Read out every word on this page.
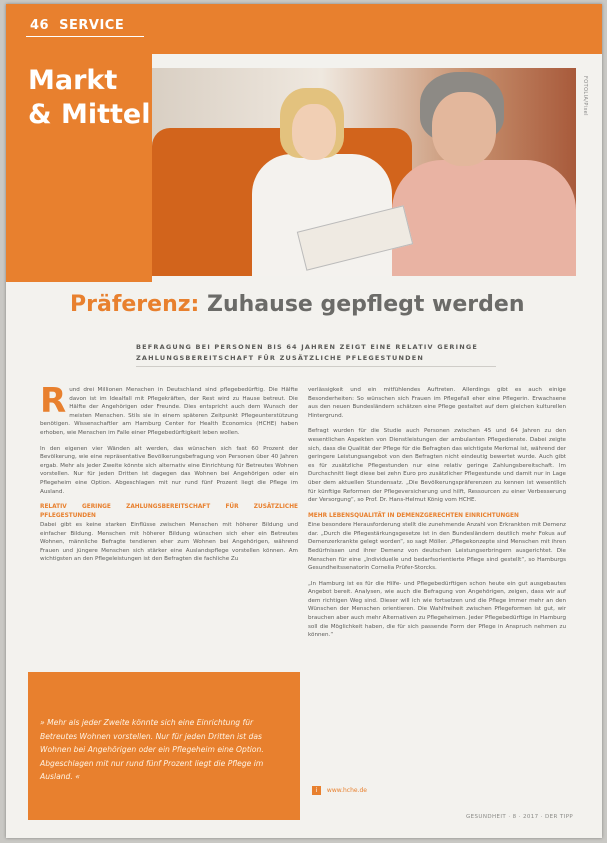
46 SERVICE
Markt
& Mittel	FOTOLIA/Pixel
Präferenz: Zuhause gepflegt werden
BEFRAGUNG BEI PERSONEN BIS 64 JAHREN ZEIGT EINE RELATIV GERINGE ZAHLUNGSBEREITSCHAFT FÜR ZUSÄTZLICHE PFLEGESTUNDEN

Rund drei Millionen Menschen in Deutschland sind pflegebedürftig. Die Hälfte davon ist im Idealfall mit Pflegekräften, der Rest wird zu Hause betreut. Die Hälfte der Angehörigen oder Freunde. Dies entspricht auch dem Wunsch der meisten Menschen. Stils sie in einem späteren Zeitpunkt Pflegeunterstützung benötigen. Wissenschaftler am Hamburg Center for Health Economics (HCHE) haben erhoben, wie Menschen im Falle einer Pflegebedürftigkeit leben wollen.

In den eigenen vier Wänden alt werden, das wünschen sich fast 60 Prozent der Bevölkerung, wie eine repräsentative Bevölkerungsbefragung von Personen über 40 Jahren ergab. Mehr als jeder Zweite könnte sich alternativ eine Einrichtung für Betreutes Wohnen vorstellen. Nur für jeden Dritten ist dagegen das Wohnen bei Angehörigen oder ein Pflegeheim eine Option. Abgeschlagen mit nur rund fünf Prozent liegt die Pflege im Ausland.

RELATIV GERINGE ZAHLUNGSBEREITSCHAFT FÜR ZUSÄTZLICHE PFLEGESTUNDEN

Dabei gibt es keine starken Einflüsse zwischen Menschen mit höherer Bildung und einfacher Bildung. Menschen mit höherer Bildung wünschen sich eher ein Betreutes Wohnen, männliche Befragte tendieren eher zum Wohnen bei Angehörigen, während Frauen und jüngere Menschen sich stärker eine Auslandspflege vorstellen können. Am wichtigsten an den Pflegeleistungen ist den Befragten die fachliche Zu

verlässigkeit und ein mitfühlendes Auftreten. Allerdings gibt es auch einige Besonderheiten: So wünschen sich Frauen im Pflegefall eher eine Pflegerin. Erwachsene aus den neuen Bundesländern schätzen eine Pflege gestaltet auf dem gleichen kulturellen Hintergrund.

Befragt wurden für die Studie auch Personen zwischen 45 und 64 Jahren zu den wesentlichen Aspekten von Dienstleistungen der ambulanten Pflegedienste. Dabei zeigte sich, dass die Qualität der Pflege für die Befragten das wichtigste Merkmal ist, während der geringere Leistungsangebot von den Befragten nicht eindeutig bewertet wurde. Auch gibt es für zusätzliche Pflegestunden nur eine relativ geringe Zahlungsbereitschaft. Im Durchschnitt liegt diese bei zehn Euro pro zusätzlicher Pflegestunde und damit nur in Lage über dem aktuellen Stundensatz. „Die Bevölkerungspräferenzen zu kennen ist wesentlich für künftige Reformen der Pflegeversicherung und hilft, Ressourcen zu einer Verbesserung der Versorgung“, so Prof. Dr. Hans-Helmut König vom HCHE.

MEHR LEBENSQUALITÄT IN DEMENZGERECHTEN EINRICHTUNGEN

Eine besondere Herausforderung stellt die zunehmende Anzahl von Erkrankten mit Demenz dar. „Durch die Pflegestärkungsgesetze ist in den Bundesländern deutlich mehr Fokus auf Demenzerkrankte gelegt worden“, so sagt Möller. „Pflegekonzepte sind Menschen mit ihren Bedürfnissen und ihrer Demenz von deutschen Leistungserbringern ausgerichtet. Die Menschen für eine „Individuelle und bedarfsorientierte Pflege sind gestellt“, so Hamburgs Gesundheitssenatorin Cornelia Prüfer-Storcks.

„In Hamburg ist es für die Hilfe- und Pflegebedürftigen schon heute ein gut ausgebautes Angebot bereit. Analysen, wie auch die Befragung von Angehörigen, zeigen, dass wir auf dem richtigen Weg sind. Dieser will ich wie fortsetzen und die Pflege immer mehr an den Wünschen der Menschen orientieren. Die Wahlfreiheit zwischen Pflegeformen ist gut, wir brauchen aber auch mehr Alternativen zu Pflegeheimen. Jeder Pflegebedürftige in Hamburg soll die Möglichkeit haben, die für sich passende Form der Pflege in Anspruch nehmen zu können.“

» Mehr als jeder Zweite könnte sich eine Einrichtung für Betreutes Wohnen vorstellen. Nur für jeden Dritten ist das Wohnen bei Angehörigen oder ein Pflegeheim eine Option. Abgeschlagen mit nur rund fünf Prozent liegt die Pflege im Ausland. «
i www.hche.de
GESUNDHEIT · 8 · 2017 · DER TIPP
